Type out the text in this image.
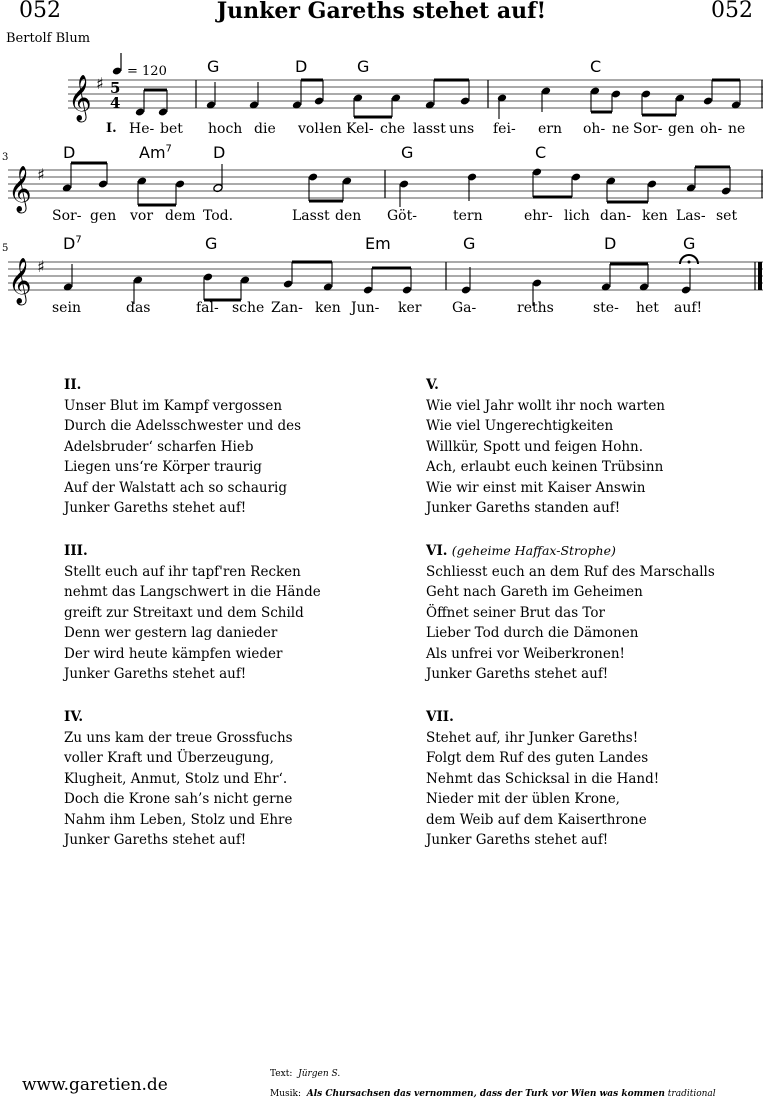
052	Junker Gareths stehet auf!	052
Bertolf Blum
𝄞 ♯ 5
4
= 120
𝄞 ♯
𝄞 ♯
3
5
G	D	G	C
D	Am$^7$	D	G	C
$D^7$	G	Em	G	D	G
I. He- bet hoch die vol-
len Kel- che lasst uns fei- ern oh- ne Sor- gen oh- ne
Sor- gen vor dem Tod.	Lasst den Göt-	tern	ehr- lich dan- ken Las- set
sein	das	fal- sche Zan- ken Jun- ker Ga-	reths	ste- het auf!
II.
Unser Blut im Kampf vergossen
Durch die Adelsschwester und des
Adelsbruder‘ scharfen Hieb
Liegen uns‘re Körper traurig
Auf der Walstatt ach so schaurig
Junker Gareths stehet auf!
III.
Stellt euch auf ihr tapf'ren Recken
nehmt das Langschwert in die Hände
greift zur Streitaxt und dem Schild
Denn wer gestern lag danieder
Der wird heute kämpfen wieder
Junker Gareths stehet auf!
IV.
Zu uns kam der treue Grossfuchs
voller Kraft und Überzeugung,
Klugheit, Anmut, Stolz und Ehr‘.
Doch die Krone sah’s nicht gerne
Nahm ihm Leben, Stolz und Ehre
Junker Gareths stehet auf!
V.
Wie viel Jahr wollt ihr noch warten
Wie viel Ungerechtigkeiten
Willkür, Spott und feigen Hohn.
Ach, erlaubt euch keinen Trübsinn
Wie wir einst mit Kaiser Answin
Junker Gareths standen auf!
VI. (geheime Haffax-Strophe)
Schliesst euch an dem Ruf des Marschalls
Geht nach Gareth im Geheimen
Öffnet seiner Brut das Tor
Lieber Tod durch die Dämonen
Als unfrei vor Weiberkronen!
Junker Gareths stehet auf!
VII.
Stehet auf, ihr Junker Gareths!
Folgt dem Ruf des guten Landes
Nehmt das Schicksal in die Hand!
Nieder mit der üblen Krone,
dem Weib auf dem Kaiserthrone
Junker Gareths stehet auf!
www.garetien.de
Text: Jürgen S.
Musik: Als Chursachsen das vernommen, dass der Turk vor Wien was kommen traditional
